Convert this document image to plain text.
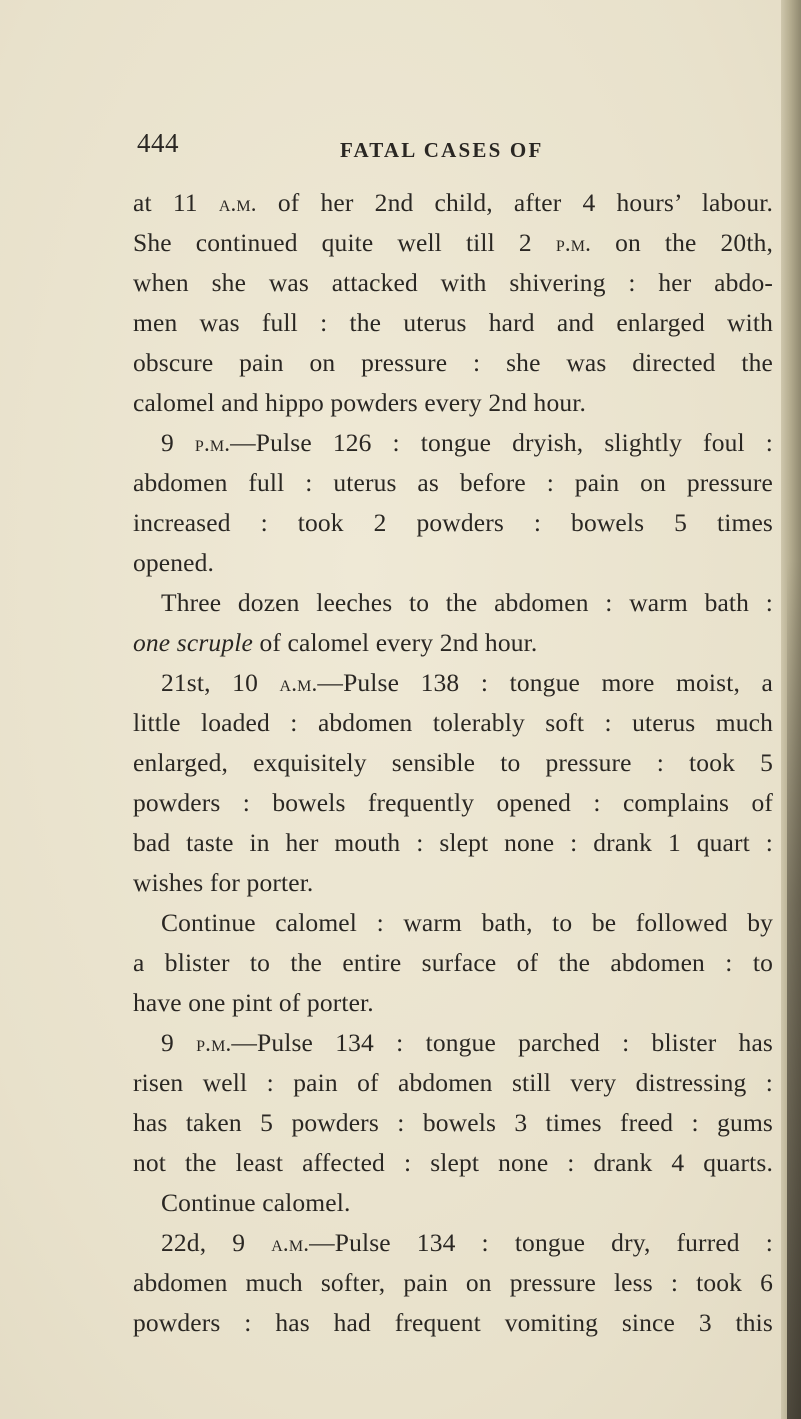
444	FATAL CASES OF
at 11 a.m. of her 2nd child, after 4 hours’ labour.
She continued quite well till 2 p.m. on the 20th,
when she was attacked with shivering : her abdo-
men was full : the uterus hard and enlarged with
obscure pain on pressure : she was directed the
calomel and hippo powders every 2nd hour.
9 p.m.—Pulse 126 : tongue dryish, slightly foul :
abdomen full : uterus as before : pain on pressure
increased : took 2 powders : bowels 5 times
opened.
Three dozen leeches to the abdomen : warm bath :
one scruple of calomel every 2nd hour.
21st, 10 a.m.—Pulse 138 : tongue more moist, a
little loaded : abdomen tolerably soft : uterus much
enlarged, exquisitely sensible to pressure : took 5
powders : bowels frequently opened : complains of
bad taste in her mouth : slept none : drank 1 quart :
wishes for porter.
Continue calomel : warm bath, to be followed by
a blister to the entire surface of the abdomen : to
have one pint of porter.
9 p.m.—Pulse 134 : tongue parched : blister has
risen well : pain of abdomen still very distressing :
has taken 5 powders : bowels 3 times freed : gums
not the least affected : slept none : drank 4 quarts.
Continue calomel.
22d, 9 a.m.—Pulse 134 : tongue dry, furred :
abdomen much softer, pain on pressure less : took 6
powders : has had frequent vomiting since 3 this
